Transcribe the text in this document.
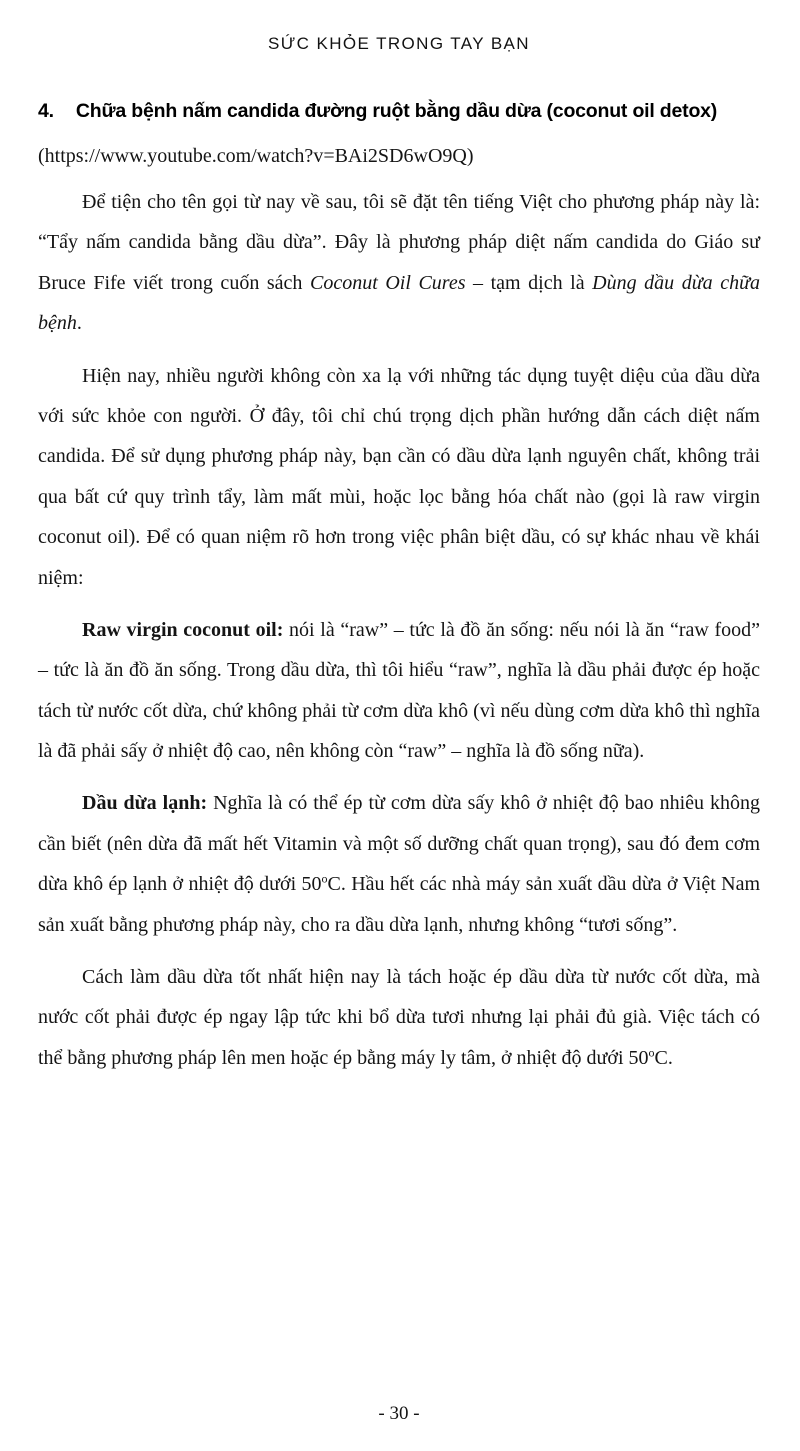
SỨC KHỎE TRONG TAY BẠN
4. Chữa bệnh nấm candida đường ruột bằng dầu dừa (coconut oil detox)
(https://www.youtube.com/watch?v=BAi2SD6wO9Q)

Để tiện cho tên gọi từ nay về sau, tôi sẽ đặt tên tiếng Việt cho phương pháp này là: “Tẩy nấm candida bằng dầu dừa”. Đây là phương pháp diệt nấm candida do Giáo sư Bruce Fife viết trong cuốn sách Coconut Oil Cures – tạm dịch là Dùng dầu dừa chữa bệnh.

Hiện nay, nhiều người không còn xa lạ với những tác dụng tuyệt diệu của dầu dừa với sức khỏe con người. Ở đây, tôi chỉ chú trọng dịch phần hướng dẫn cách diệt nấm candida. Để sử dụng phương pháp này, bạn cần có dầu dừa lạnh nguyên chất, không trải qua bất cứ quy trình tẩy, làm mất mùi, hoặc lọc bằng hóa chất nào (gọi là raw virgin coconut oil). Để có quan niệm rõ hơn trong việc phân biệt dầu, có sự khác nhau về khái niệm:

Raw virgin coconut oil: nói là “raw” – tức là đồ ăn sống: nếu nói là ăn “raw food” – tức là ăn đồ ăn sống. Trong dầu dừa, thì tôi hiểu “raw”, nghĩa là dầu phải được ép hoặc tách từ nước cốt dừa, chứ không phải từ cơm dừa khô (vì nếu dùng cơm dừa khô thì nghĩa là đã phải sấy ở nhiệt độ cao, nên không còn “raw” – nghĩa là đồ sống nữa).

Dầu dừa lạnh: Nghĩa là có thể ép từ cơm dừa sấy khô ở nhiệt độ bao nhiêu không cần biết (nên dừa đã mất hết Vitamin và một số dưỡng chất quan trọng), sau đó đem cơm dừa khô ép lạnh ở nhiệt độ dưới 50$^o$C. Hầu hết các nhà máy sản xuất dầu dừa ở Việt Nam sản xuất bằng phương pháp này, cho ra dầu dừa lạnh, nhưng không “tươi sống”.

Cách làm dầu dừa tốt nhất hiện nay là tách hoặc ép dầu dừa từ nước cốt dừa, mà nước cốt phải được ép ngay lập tức khi bổ dừa tươi nhưng lại phải đủ già. Việc tách có thể bằng phương pháp lên men hoặc ép bằng máy ly tâm, ở nhiệt độ dưới 50$^o$C.

- 30 -
